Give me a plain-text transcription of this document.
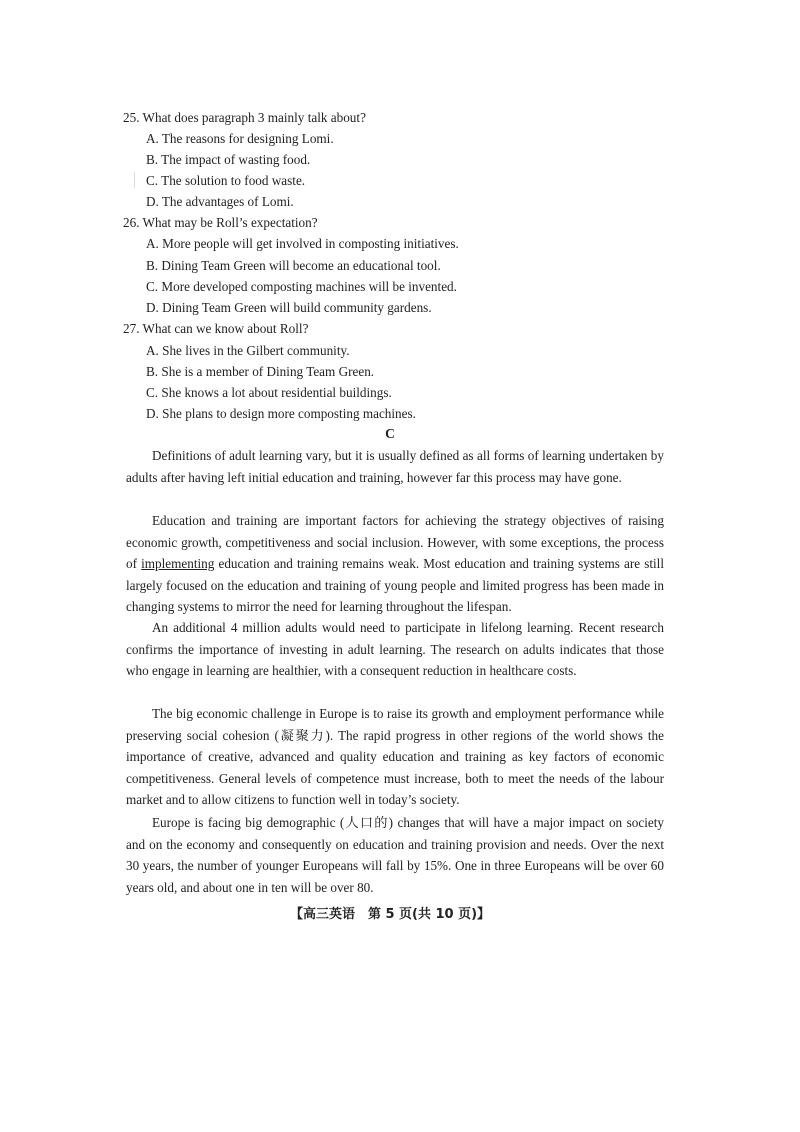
25. What does paragraph 3 mainly talk about?
A. The reasons for designing Lomi.
B. The impact of wasting food.
C. The solution to food waste.
D. The advantages of Lomi.
26. What may be Roll’s expectation?
A. More people will get involved in composting initiatives.
B. Dining Team Green will become an educational tool.
C. More developed composting machines will be invented.
D. Dining Team Green will build community gardens.
27. What can we know about Roll?
A. She lives in the Gilbert community.
B. She is a member of Dining Team Green.
C. She knows a lot about residential buildings.
D. She plans to design more composting machines.
C
Definitions of adult learning vary, but it is usually defined as all forms of learning undertaken by adults after having left initial education and training, however far this process may have gone.
Education and training are important factors for achieving the strategy objectives of raising economic growth, competitiveness and social inclusion. However, with some exceptions, the process of implementing education and training remains weak. Most education and training systems are still largely focused on the education and training of young people and limited progress has been made in changing systems to mirror the need for learning throughout the lifespan.
An additional 4 million adults would need to participate in lifelong learning. Recent research confirms the importance of investing in adult learning. The research on adults indicates that those who engage in learning are healthier, with a consequent reduction in healthcare costs.
The big economic challenge in Europe is to raise its growth and employment performance while preserving social cohesion (凝聚力). The rapid progress in other regions of the world shows the importance of creative, advanced and quality education and training as key factors of economic competitiveness. General levels of competence must increase, both to meet the needs of the labour market and to allow citizens to function well in today’s society.
Europe is facing big demographic (人口的) changes that will have a major impact on society and on the economy and consequently on education and training provision and needs. Over the next 30 years, the number of younger Europeans will fall by 15%. One in three Europeans will be over 60 years old, and about one in ten will be over 80.
【高三英语　第 5 页(共 10 页)】
